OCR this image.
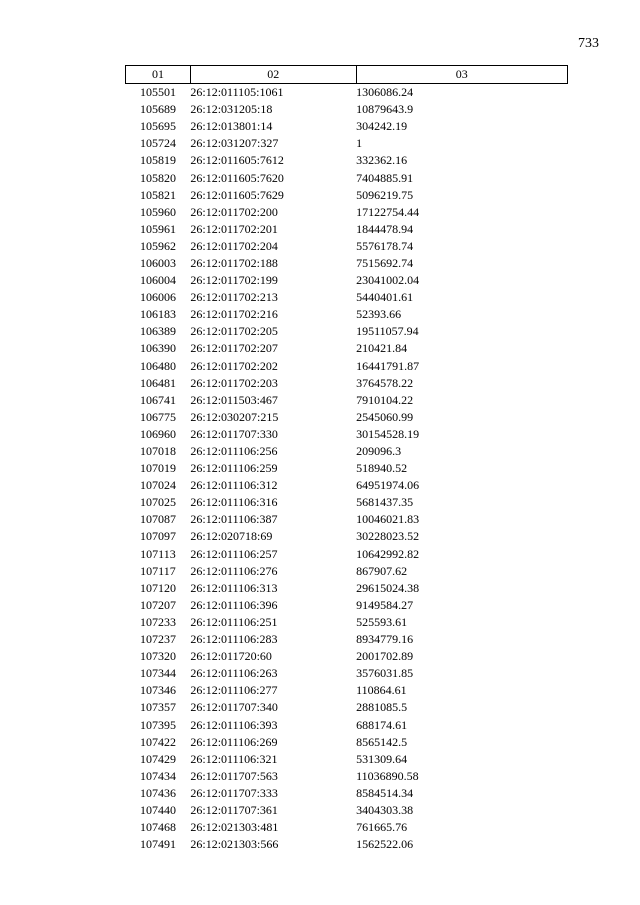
733
01	02	03
105501	26:12:011105:1061	1306086.24
105689	26:12:031205:18	10879643.9
105695	26:12:013801:14	304242.19
105724	26:12:031207:327	1
105819	26:12:011605:7612	332362.16
105820	26:12:011605:7620	7404885.91
105821	26:12:011605:7629	5096219.75
105960	26:12:011702:200	17122754.44
105961	26:12:011702:201	1844478.94
105962	26:12:011702:204	5576178.74
106003	26:12:011702:188	7515692.74
106004	26:12:011702:199	23041002.04
106006	26:12:011702:213	5440401.61
106183	26:12:011702:216	52393.66
106389	26:12:011702:205	19511057.94
106390	26:12:011702:207	210421.84
106480	26:12:011702:202	16441791.87
106481	26:12:011702:203	3764578.22
106741	26:12:011503:467	7910104.22
106775	26:12:030207:215	2545060.99
106960	26:12:011707:330	30154528.19
107018	26:12:011106:256	209096.3
107019	26:12:011106:259	518940.52
107024	26:12:011106:312	64951974.06
107025	26:12:011106:316	5681437.35
107087	26:12:011106:387	10046021.83
107097	26:12:020718:69	30228023.52
107113	26:12:011106:257	10642992.82
107117	26:12:011106:276	867907.62
107120	26:12:011106:313	29615024.38
107207	26:12:011106:396	9149584.27
107233	26:12:011106:251	525593.61
107237	26:12:011106:283	8934779.16
107320	26:12:011720:60	2001702.89
107344	26:12:011106:263	3576031.85
107346	26:12:011106:277	110864.61
107357	26:12:011707:340	2881085.5
107395	26:12:011106:393	688174.61
107422	26:12:011106:269	8565142.5
107429	26:12:011106:321	531309.64
107434	26:12:011707:563	11036890.58
107436	26:12:011707:333	8584514.34
107440	26:12:011707:361	3404303.38
107468	26:12:021303:481	761665.76
107491	26:12:021303:566	1562522.06
